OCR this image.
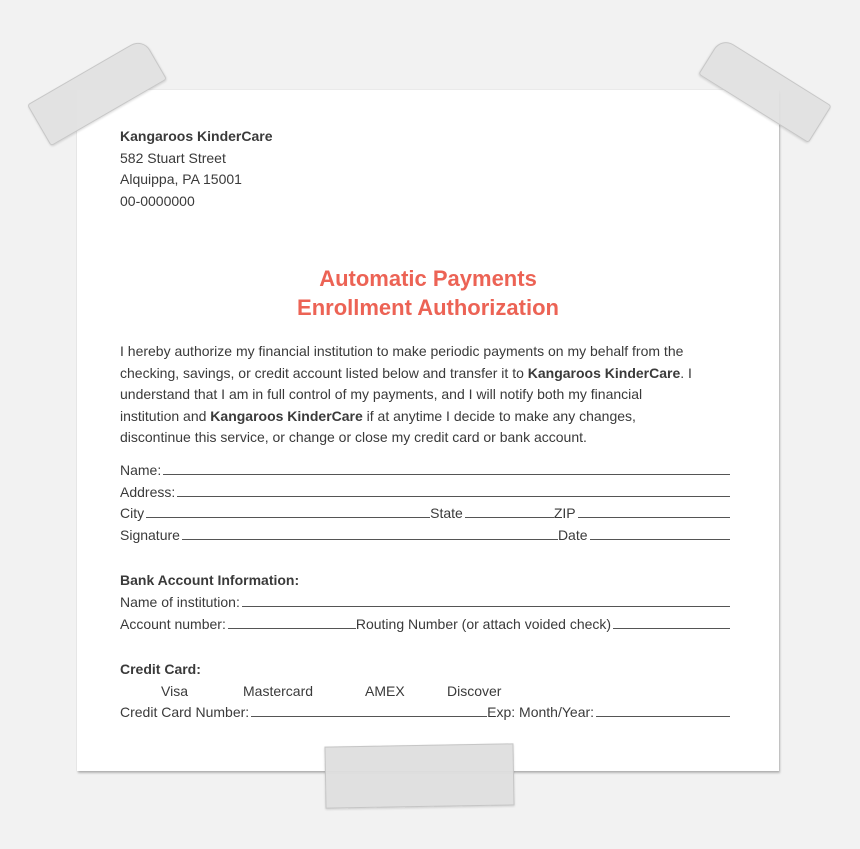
Kangaroos KinderCare
582 Stuart Street
Alquippa, PA 15001
00-0000000
Automatic Payments
Enrollment Authorization
I hereby authorize my financial institution to make periodic payments on my behalf from the
checking, savings, or credit account listed below and transfer it to Kangaroos KinderCare. I
understand that I am in full control of my payments, and I will notify both my financial
institution and Kangaroos KinderCare if at anytime I decide to make any changes,
discontinue this service, or change or close my credit card or bank account.
Name:
Address:
City	State	ZIP
Signature	Date
Bank Account Information:
Name of institution:
Account number:	Routing Number (or attach voided check)
Credit Card:
Visa	Mastercard	AMEX	Discover
Credit Card Number:	Exp: Month/Year:
